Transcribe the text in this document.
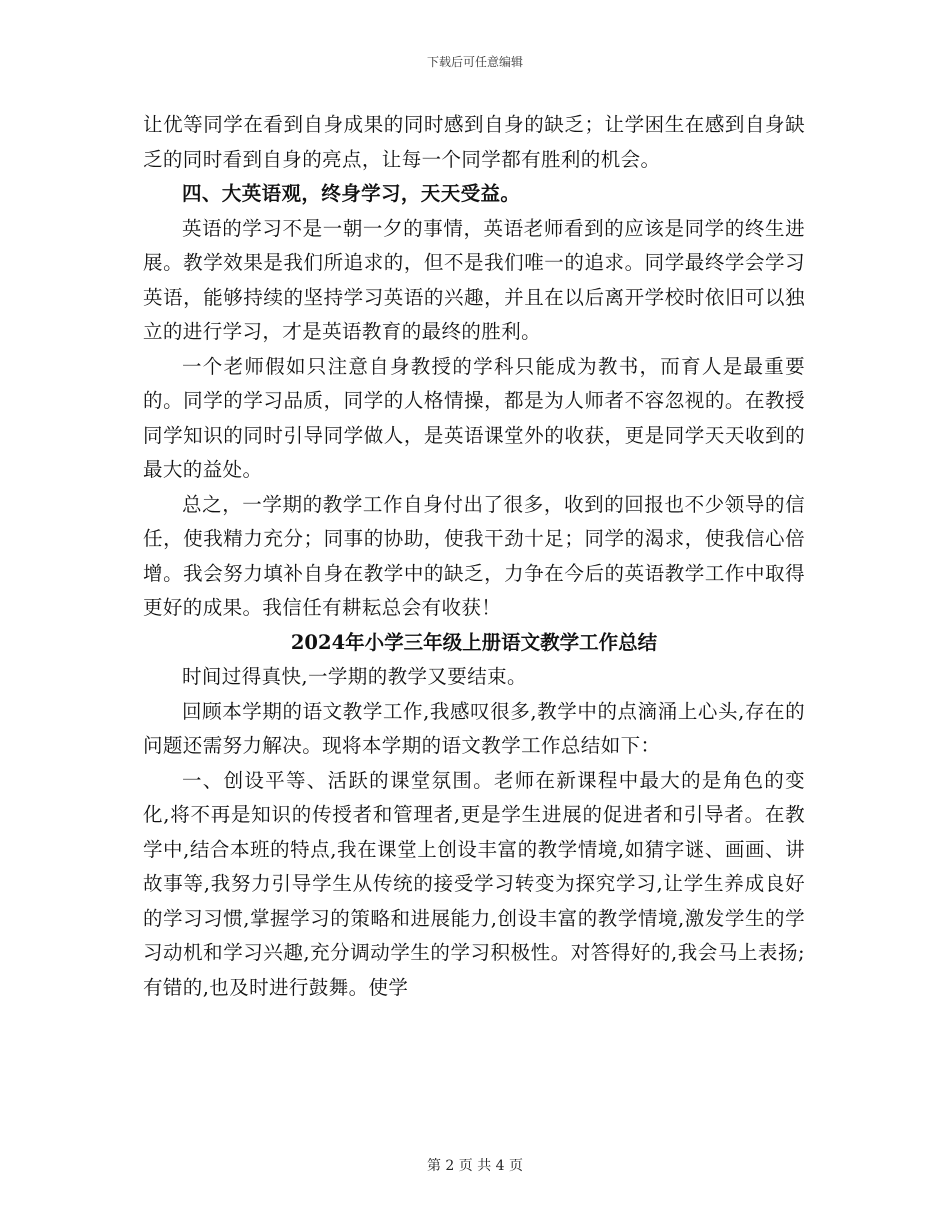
下载后可任意编辑

让优等同学在看到自身成果的同时感到自身的缺乏；让学困生在感到自身缺乏的同时看到自身的亮点，让每一个同学都有胜利的机会。

四、大英语观，终身学习，天天受益。

英语的学习不是一朝一夕的事情，英语老师看到的应该是同学的终生进展。教学效果是我们所追求的，但不是我们唯一的追求。同学最终学会学习英语，能够持续的坚持学习英语的兴趣，并且在以后离开学校时依旧可以独立的进行学习，才是英语教育的最终的胜利。

一个老师假如只注意自身教授的学科只能成为教书，而育人是最重要的。同学的学习品质，同学的人格情操，都是为人师者不容忽视的。在教授同学知识的同时引导同学做人，是英语课堂外的收获，更是同学天天收到的最大的益处。

总之，一学期的教学工作自身付出了很多，收到的回报也不少领导的信任，使我精力充分；同事的协助，使我干劲十足；同学的渴求，使我信心倍增。我会努力填补自身在教学中的缺乏，力争在今后的英语教学工作中取得更好的成果。我信任有耕耘总会有收获！

2024年小学三年级上册语文教学工作总结

时间过得真快,一学期的教学又要结束。

回顾本学期的语文教学工作,我感叹很多,教学中的点滴涌上心头,存在的问题还需努力解决。现将本学期的语文教学工作总结如下：

一、创设平等、活跃的课堂氛围。老师在新课程中最大的是角色的变化,将不再是知识的传授者和管理者,更是学生进展的促进者和引导者。在教学中,结合本班的特点,我在课堂上创设丰富的教学情境,如猜字谜、画画、讲故事等,我努力引导学生从传统的接受学习转变为探究学习,让学生养成良好的学习习惯,掌握学习的策略和进展能力,创设丰富的教学情境,激发学生的学习动机和学习兴趣,充分调动学生的学习积极性。对答得好的,我会马上表扬;有错的,也及时进行鼓舞。使学

第 2 页 共 4 页
